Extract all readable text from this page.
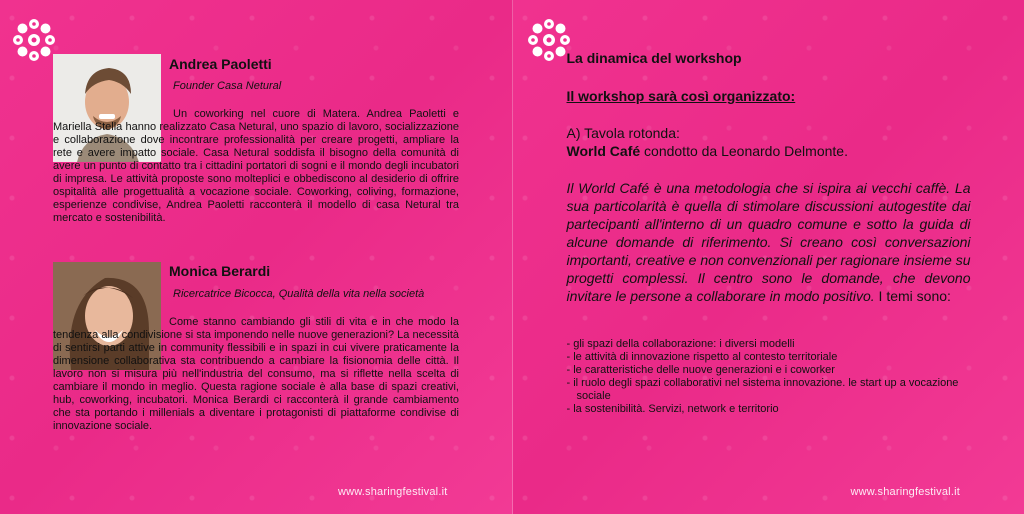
Andrea Paoletti
Founder Casa Netural
Un coworking nel cuore di Matera. Andrea Paoletti e Mariella Stella hanno realizzato Casa Netural, uno spazio di lavoro, socializzazione e collaborazione dove incontrare professionalità per creare progetti, ampliare la rete e avere impatto sociale. Casa Netural soddisfa il bisogno della comunità di avere un punto di contatto tra i cittadini portatori di sogni e il mondo degli incubatori di impresa. Le attività proposte sono molteplici e obbediscono al desiderio di offrire ospitalità alle progettualità a vocazione sociale. Coworking, coliving, formazione, esperienze condivise, Andrea Paoletti racconterà il modello di casa Netural tra mercato e sostenibilità.
Monica Berardi
Ricercatrice Bicocca, Qualità della vita nella società
Come stanno cambiando gli stili di vita e in che modo la tendenza alla condivisione si sta imponendo nelle nuove generazioni? La necessità di sentirsi parti attive in community flessibili e in spazi in cui vivere praticamente la dimensione collaborativa sta contribuendo a cambiare la fisionomia delle città. Il lavoro non si misura più nell'industria del consumo, ma si riflette nella scelta di cambiare il mondo in meglio. Questa ragione sociale è alla base di spazi creativi, hub, coworking, incubatori. Monica Berardi ci racconterà il grande cambiamento che sta portando i millenials a diventare i protagonisti di piattaforme condivise di innovazione sociale.
www.sharingfestival.it
La dinamica del workshop
Il workshop sarà così organizzato:
A) Tavola rotonda:
World Café condotto da Leonardo Delmonte.
Il World Café è una metodologia che si ispira ai vecchi caffè. La sua particolarità è quella di stimolare discussioni autogestite dai partecipanti all'interno di un quadro comune e sotto la guida di alcune domande di riferimento. Si creano così conversazioni importanti, creative e non convenzionali per ragionare insieme su progetti complessi. Il centro sono le domande, che devono invitare le persone a collaborare in modo positivo. I temi sono:
- gli spazi della collaborazione: i diversi modelli
- le attività di innovazione rispetto al contesto territoriale
- le caratteristiche delle nuove generazioni e i coworker
- il ruolo degli spazi collaborativi nel sistema innovazione. le start up a vocazione sociale
- la sostenibilità. Servizi, network e territorio
www.sharingfestival.it
